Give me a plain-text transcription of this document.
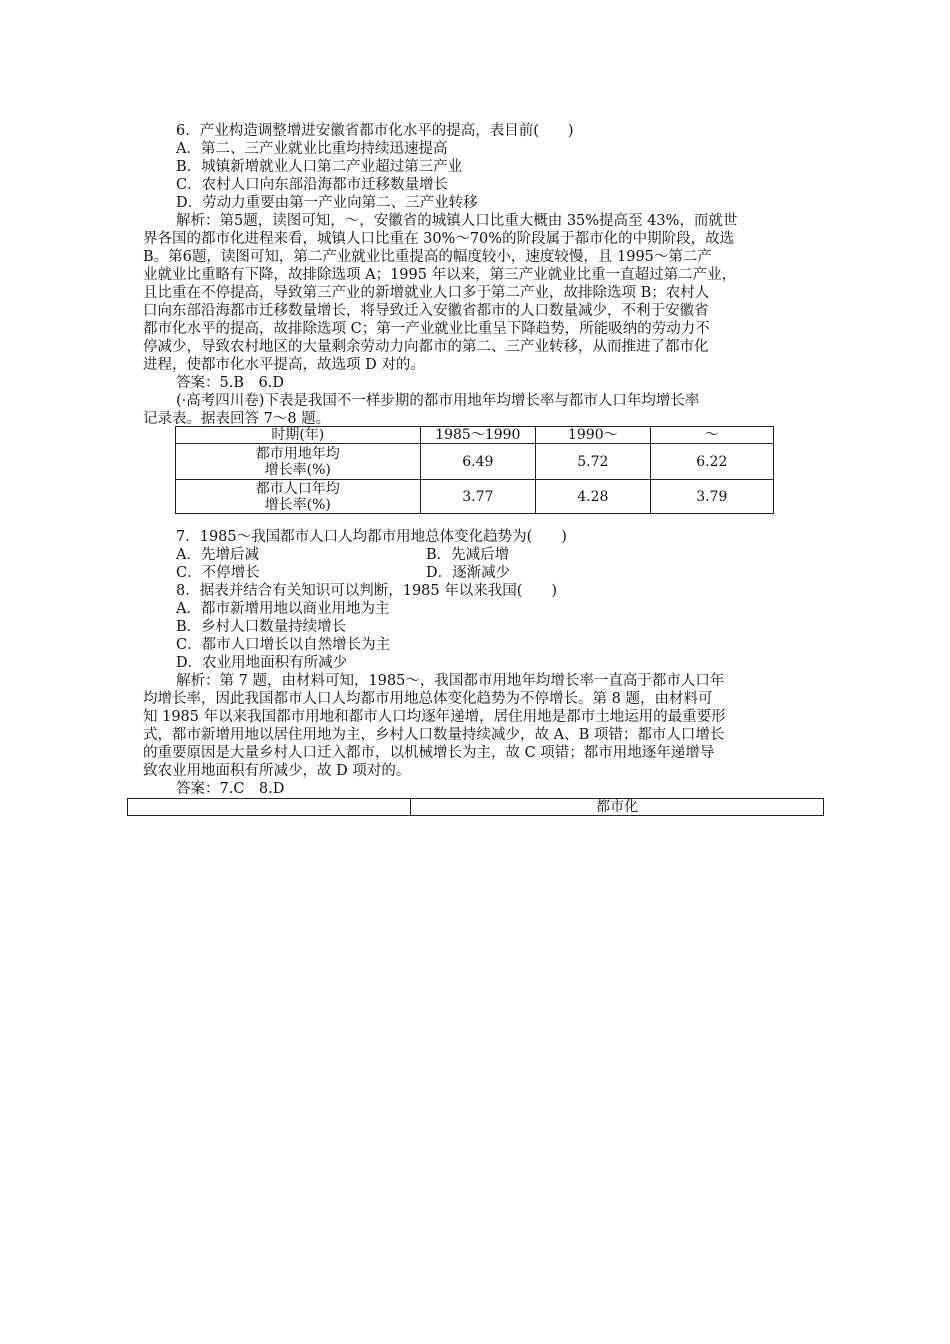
6．产业构造调整增进安徽省都市化水平的提高，表目前(　　)
A．第二、三产业就业比重均持续迅速提高
B．城镇新增就业人口第二产业超过第三产业
C．农村人口向东部沿海都市迁移数量增长
D．劳动力重要由第一产业向第二、三产业转移
解析：第5题，读图可知，～，安徽省的城镇人口比重大概由 35%提高至 43%，而就世
界各国的都市化进程来看，城镇人口比重在 30%～70%的阶段属于都市化的中期阶段，故选
B。第6题，读图可知，第二产业就业比重提高的幅度较小，速度较慢，且 1995～第二产
业就业比重略有下降，故排除选项 A；1995 年以来，第三产业就业比重一直超过第二产业，
且比重在不停提高，导致第三产业的新增就业人口多于第二产业，故排除选项 B；农村人
口向东部沿海都市迁移数量增长，将导致迁入安徽省都市的人口数量减少，不利于安徽省
都市化水平的提高，故排除选项 C；第一产业就业比重呈下降趋势，所能吸纳的劳动力不
停减少，导致农村地区的大量剩余劳动力向都市的第二、三产业转移，从而推进了都市化
进程，使都市化水平提高，故选项 D 对的。
答案：5.B　6.D
(·高考四川卷)下表是我国不一样步期的都市用地年均增长率与都市人口年均增长率
记录表。据表回答 7～8 题。
时期(年)	1985～1990	1990～	～

都市用地年均
增长率(%)	6.49	5.72	6.22

都市人口年均
增长率(%)	3.77	4.28	3.79
7．1985～我国都市人口人均都市用地总体变化趋势为(　　)
A．先增后减	B．先减后增
C．不停增长	D．逐渐减少
8．据表并结合有关知识可以判断，1985 年以来我国(　　)
A．都市新增用地以商业用地为主
B．乡村人口数量持续增长
C．都市人口增长以自然增长为主
D．农业用地面积有所减少
解析：第 7 题，由材料可知，1985～，我国都市用地年均增长率一直高于都市人口年
均增长率，因此我国都市人口人均都市用地总体变化趋势为不停增长。第 8 题，由材料可
知 1985 年以来我国都市用地和都市人口均逐年递增，居住用地是都市土地运用的最重要形
式，都市新增用地以居住用地为主，乡村人口数量持续减少，故 A、B 项错；都市人口增长
的重要原因是大量乡村人口迁入都市，以机械增长为主，故 C 项错；都市用地逐年递增导
致农业用地面积有所减少，故 D 项对的。
答案：7.C　8.D
	都市化
